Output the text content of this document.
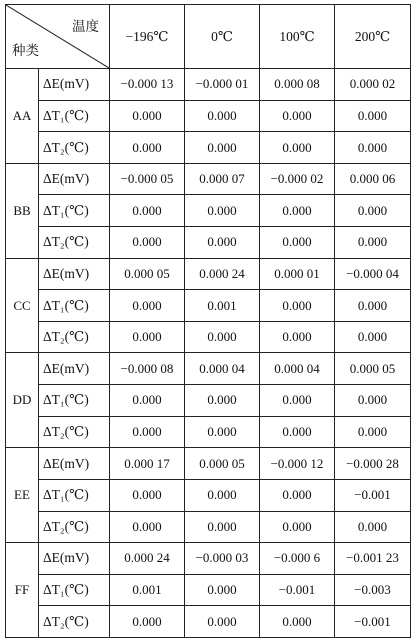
温度
种类		−196℃	0℃	100℃	200℃
AA	ΔE(mV)	−0.000 13	−0.000 01	0.000 08	0.000 02
	ΔT₁(℃)	0.000	0.000	0.000	0.000
	ΔT₂(℃)	0.000	0.000	0.000	0.000
BB	ΔE(mV)	−0.000 05	0.000 07	−0.000 02	0.000 06
	ΔT₁(℃)	0.000	0.000	0.000	0.000
	ΔT₂(℃)	0.000	0.000	0.000	0.000
CC	ΔE(mV)	0.000 05	0.000 24	0.000 01	−0.000 04
	ΔT₁(℃)	0.000	0.001	0.000	0.000
	ΔT₂(℃)	0.000	0.000	0.000	0.000
DD	ΔE(mV)	−0.000 08	0.000 04	0.000 04	0.000 05
	ΔT₁(℃)	0.000	0.000	0.000	0.000
	ΔT₂(℃)	0.000	0.000	0.000	0.000
EE	ΔE(mV)	0.000 17	0.000 05	−0.000 12	−0.000 28
	ΔT₁(℃)	0.000	0.000	0.000	−0.001
	ΔT₂(℃)	0.000	0.000	0.000	0.000
FF	ΔE(mV)	0.000 24	−0.000 03	−0.000 6	−0.001 23
	ΔT₁(℃)	0.001	0.000	−0.001	−0.003
	ΔT₂(℃)	0.000	0.000	0.000	−0.001
